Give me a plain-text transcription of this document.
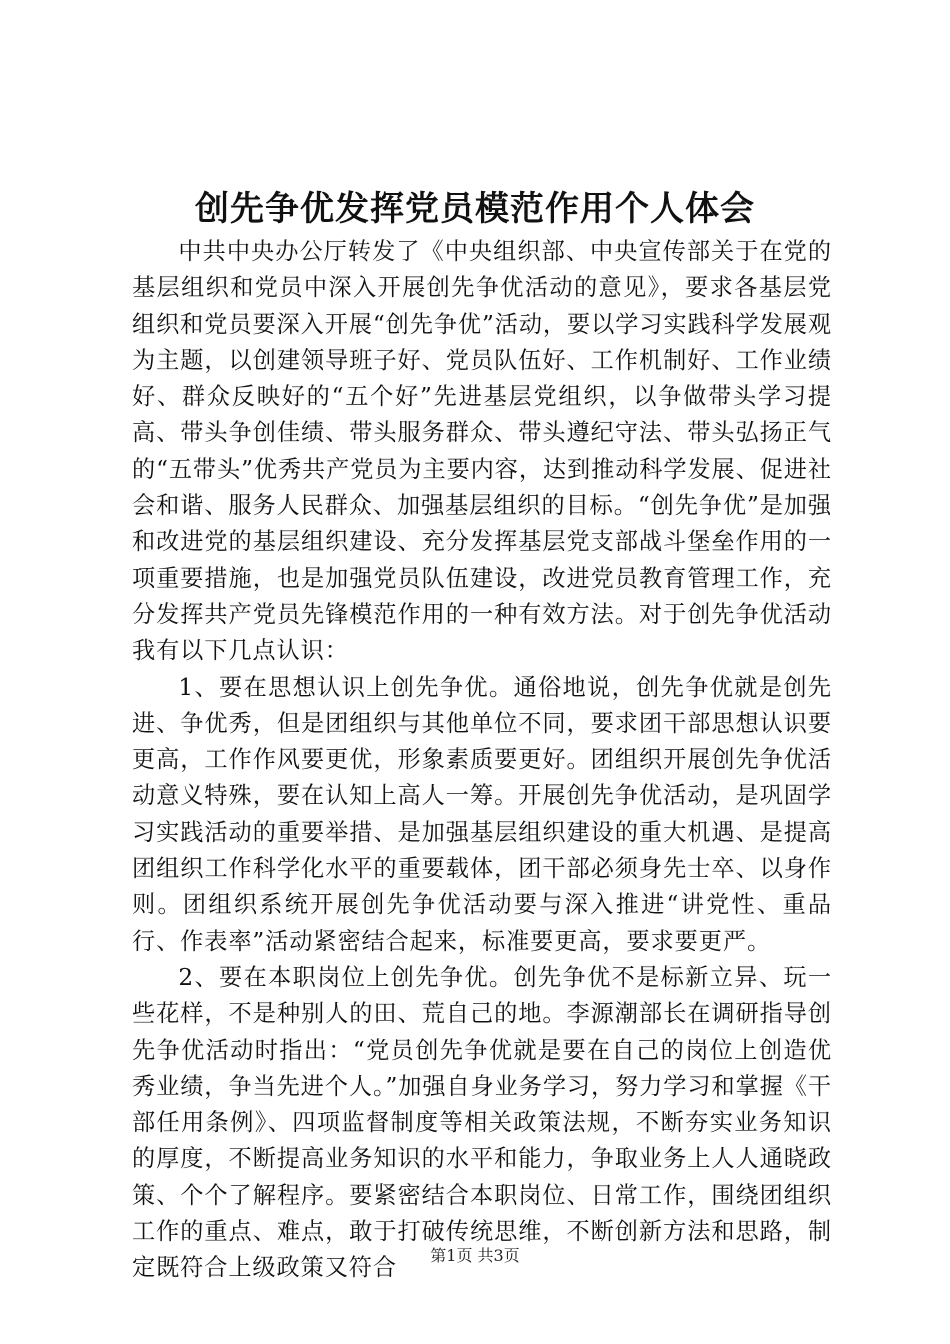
创先争优发挥党员模范作用个人体会

中共中央办公厅转发了《中央组织部、中央宣传部关于在党的基层组织和党员中深入开展创先争优活动的意见》，要求各基层党组织和党员要深入开展“创先争优”活动，要以学习实践科学发展观为主题，以创建领导班子好、党员队伍好、工作机制好、工作业绩好、群众反映好的“五个好”先进基层党组织，以争做带头学习提高、带头争创佳绩、带头服务群众、带头遵纪守法、带头弘扬正气的“五带头”优秀共产党员为主要内容，达到推动科学发展、促进社会和谐、服务人民群众、加强基层组织的目标。“创先争优”是加强和改进党的基层组织建设、充分发挥基层党支部战斗堡垒作用的一项重要措施，也是加强党员队伍建设，改进党员教育管理工作，充分发挥共产党员先锋模范作用的一种有效方法。对于创先争优活动我有以下几点认识：

1、要在思想认识上创先争优。通俗地说，创先争优就是创先进、争优秀，但是团组织与其他单位不同，要求团干部思想认识要更高，工作作风要更优，形象素质要更好。团组织开展创先争优活动意义特殊，要在认知上高人一筹。开展创先争优活动，是巩固学习实践活动的重要举措、是加强基层组织建设的重大机遇、是提高团组织工作科学化水平的重要载体，团干部必须身先士卒、以身作则。团组织系统开展创先争优活动要与深入推进“讲党性、重品行、作表率”活动紧密结合起来，标准要更高，要求要更严。

2、要在本职岗位上创先争优。创先争优不是标新立异、玩一些花样，不是种别人的田、荒自己的地。李源潮部长在调研指导创先争优活动时指出：“党员创先争优就是要在自己的岗位上创造优秀业绩，争当先进个人。”加强自身业务学习，努力学习和掌握《干部任用条例》、四项监督制度等相关政策法规，不断夯实业务知识的厚度，不断提高业务知识的水平和能力，争取业务上人人通晓政策、个个了解程序。要紧密结合本职岗位、日常工作，围绕团组织工作的重点、难点，敢于打破传统思维，不断创新方法和思路，制定既符合上级政策又符合	第1页 共3页
